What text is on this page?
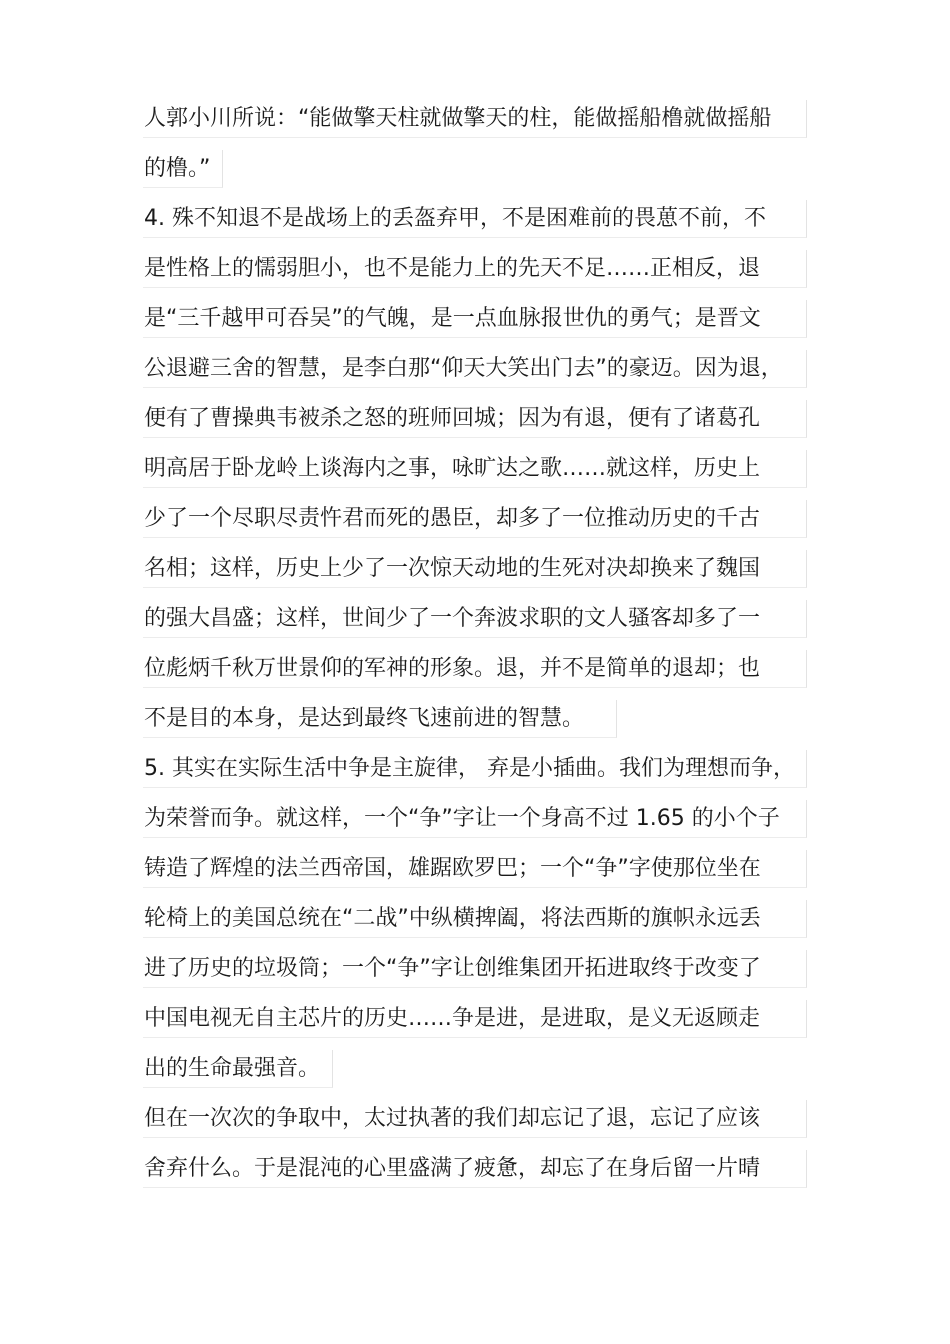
人郭小川所说：“能做擎天柱就做擎天的柱，能做摇船橹就做摇船
的橹。”
4. 殊不知退不是战场上的丢盔弃甲，不是困难前的畏葸不前，不
是性格上的懦弱胆小，也不是能力上的先天不足……正相反，退
是“三千越甲可吞吴”的气魄，是一点血脉报世仇的勇气；是晋文
公退避三舍的智慧，是李白那“仰天大笑出门去”的豪迈。因为退，
便有了曹操典韦被杀之怒的班师回城；因为有退，便有了诸葛孔
明高居于卧龙岭上谈海内之事，咏旷达之歌……就这样，历史上
少了一个尽职尽责忤君而死的愚臣，却多了一位推动历史的千古
名相；这样，历史上少了一次惊天动地的生死对决却换来了魏国
的强大昌盛；这样，世间少了一个奔波求职的文人骚客却多了一
位彪炳千秋万世景仰的军神的形象。退，并不是简单的退却；也
不是目的本身，是达到最终飞速前进的智慧。
5. 其实在实际生活中争是主旋律， 弃是小插曲。我们为理想而争，
为荣誉而争。就这样，一个“争”字让一个身高不过 1.65 的小个子
铸造了辉煌的法兰西帝国，雄踞欧罗巴；一个“争”字使那位坐在
轮椅上的美国总统在“二战”中纵横捭阖，将法西斯的旗帜永远丢
进了历史的垃圾筒；一个“争”字让创维集团开拓进取终于改变了
中国电视无自主芯片的历史……争是进，是进取，是义无返顾走
出的生命最强音。
但在一次次的争取中，太过执著的我们却忘记了退，忘记了应该
舍弃什么。于是混沌的心里盛满了疲惫，却忘了在身后留一片晴
